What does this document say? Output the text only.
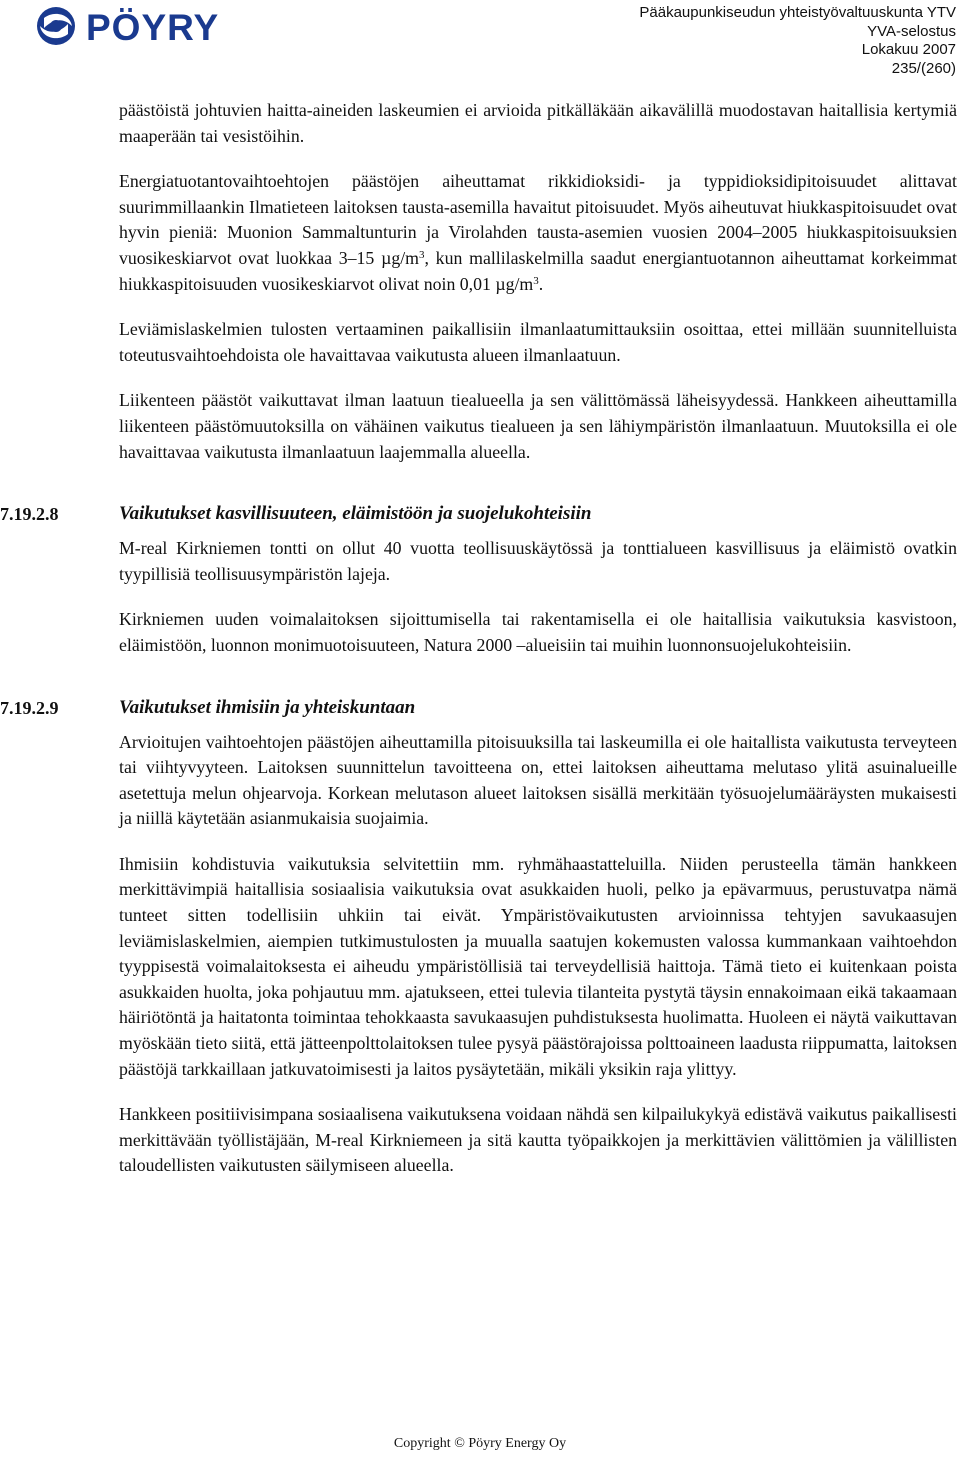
PÖYRY	Pääkaupunkiseudun yhteistyövaltuuskunta YTV
YVA-selostus
Lokakuu 2007
235/(260)

päästöistä johtuvien haitta-aineiden laskeumien ei arvioida pitkälläkään aikavälillä muodostavan haitallisia kertymiä maaperään tai vesistöihin.

Energiatuotantovaihtoehtojen päästöjen aiheuttamat rikkidioksidi- ja typpidioksidipitoisuudet alittavat suurimmillaankin Ilmatieteen laitoksen tausta-asemilla havaitut pitoisuudet. Myös aiheutuvat hiukkaspitoisuudet ovat hyvin pieniä: Muonion Sammaltunturin ja Virolahden tausta-asemien vuosien 2004–2005 hiukkaspitoisuuksien vuosikeskiarvot ovat luokkaa 3–15 $\mu g/m^3$, kun mallilaskelmilla saadut energiantuotannon aiheuttamat korkeimmat hiukkaspitoisuuden vuosikeskiarvot olivat noin 0,01 $\mu g/m^3$.

Leviämislaskelmien tulosten vertaaminen paikallisiin ilmanlaatumittauksiin osoittaa, ettei millään suunnitelluista toteutusvaihtoehdoista ole havaittavaa vaikutusta alueen ilmanlaatuun.

Liikenteen päästöt vaikuttavat ilman laatuun tiealueella ja sen välittömässä läheisyydessä. Hankkeen aiheuttamilla liikenteen päästömuutoksilla on vähäinen vaikutus tiealueen ja sen lähiympäristön ilmanlaatuun. Muutoksilla ei ole havaittavaa vaikutusta ilmanlaatuun laajemmalla alueella.

7.19.2.8	Vaikutukset kasvillisuuteen, eläimistöön ja suojelukohteisiin

M-real Kirkniemen tontti on ollut 40 vuotta teollisuuskäytössä ja tonttialueen kasvillisuus ja eläimistö ovatkin tyypillisiä teollisuusympäristön lajeja.

Kirkniemen uuden voimalaitoksen sijoittumisella tai rakentamisella ei ole haitallisia vaikutuksia kasvistoon, eläimistöön, luonnon monimuotoisuuteen, Natura 2000 –alueisiin tai muihin luonnonsuojelukohteisiin.

7.19.2.9	Vaikutukset ihmisiin ja yhteiskuntaan

Arvioitujen vaihtoehtojen päästöjen aiheuttamilla pitoisuuksilla tai laskeumilla ei ole haitallista vaikutusta terveyteen tai viihtyvyyteen. Laitoksen suunnittelun tavoitteena on, ettei laitoksen aiheuttama melutaso ylitä asuinalueille asetettuja melun ohjearvoja. Korkean melutason alueet laitoksen sisällä merkitään työsuojelumääräysten mukaisesti ja niillä käytetään asianmukaisia suojaimia.

Ihmisiin kohdistuvia vaikutuksia selvitettiin mm. ryhmähaastatteluilla. Niiden perusteella tämän hankkeen merkittävimpiä haitallisia sosiaalisia vaikutuksia ovat asukkaiden huoli, pelko ja epävarmuus, perustuvatpa nämä tunteet sitten todellisiin uhkiin tai eivät. Ympäristövaikutusten arvioinnissa tehtyjen savukaasujen leviämislaskelmien, aiempien tutkimustulosten ja muualla saatujen kokemusten valossa kummankaan vaihtoehdon tyyppisestä voimalaitoksesta ei aiheudu ympäristöllisiä tai terveydellisiä haittoja. Tämä tieto ei kuitenkaan poista asukkaiden huolta, joka pohjautuu mm. ajatukseen, ettei tulevia tilanteita pystytä täysin ennakoimaan eikä takaamaan häiriötöntä ja haitatonta toimintaa tehokkaasta savukaasujen puhdistuksesta huolimatta. Huoleen ei näytä vaikuttavan myöskään tieto siitä, että jätteenpolttolaitoksen tulee pysyä päästörajoissa polttoaineen laadusta riippumatta, laitoksen päästöjä tarkkaillaan jatkuvatoimisesti ja laitos pysäytetään, mikäli yksikin raja ylittyy.

Hankkeen positiivisimpana sosiaalisena vaikutuksena voidaan nähdä sen kilpailukykyä edistävä vaikutus paikallisesti merkittävään työllistäjään, M-real Kirkniemeen ja sitä kautta työpaikkojen ja merkittävien välittömien ja välillisten taloudellisten vaikutusten säilymiseen alueella.

Copyright © Pöyry Energy Oy
